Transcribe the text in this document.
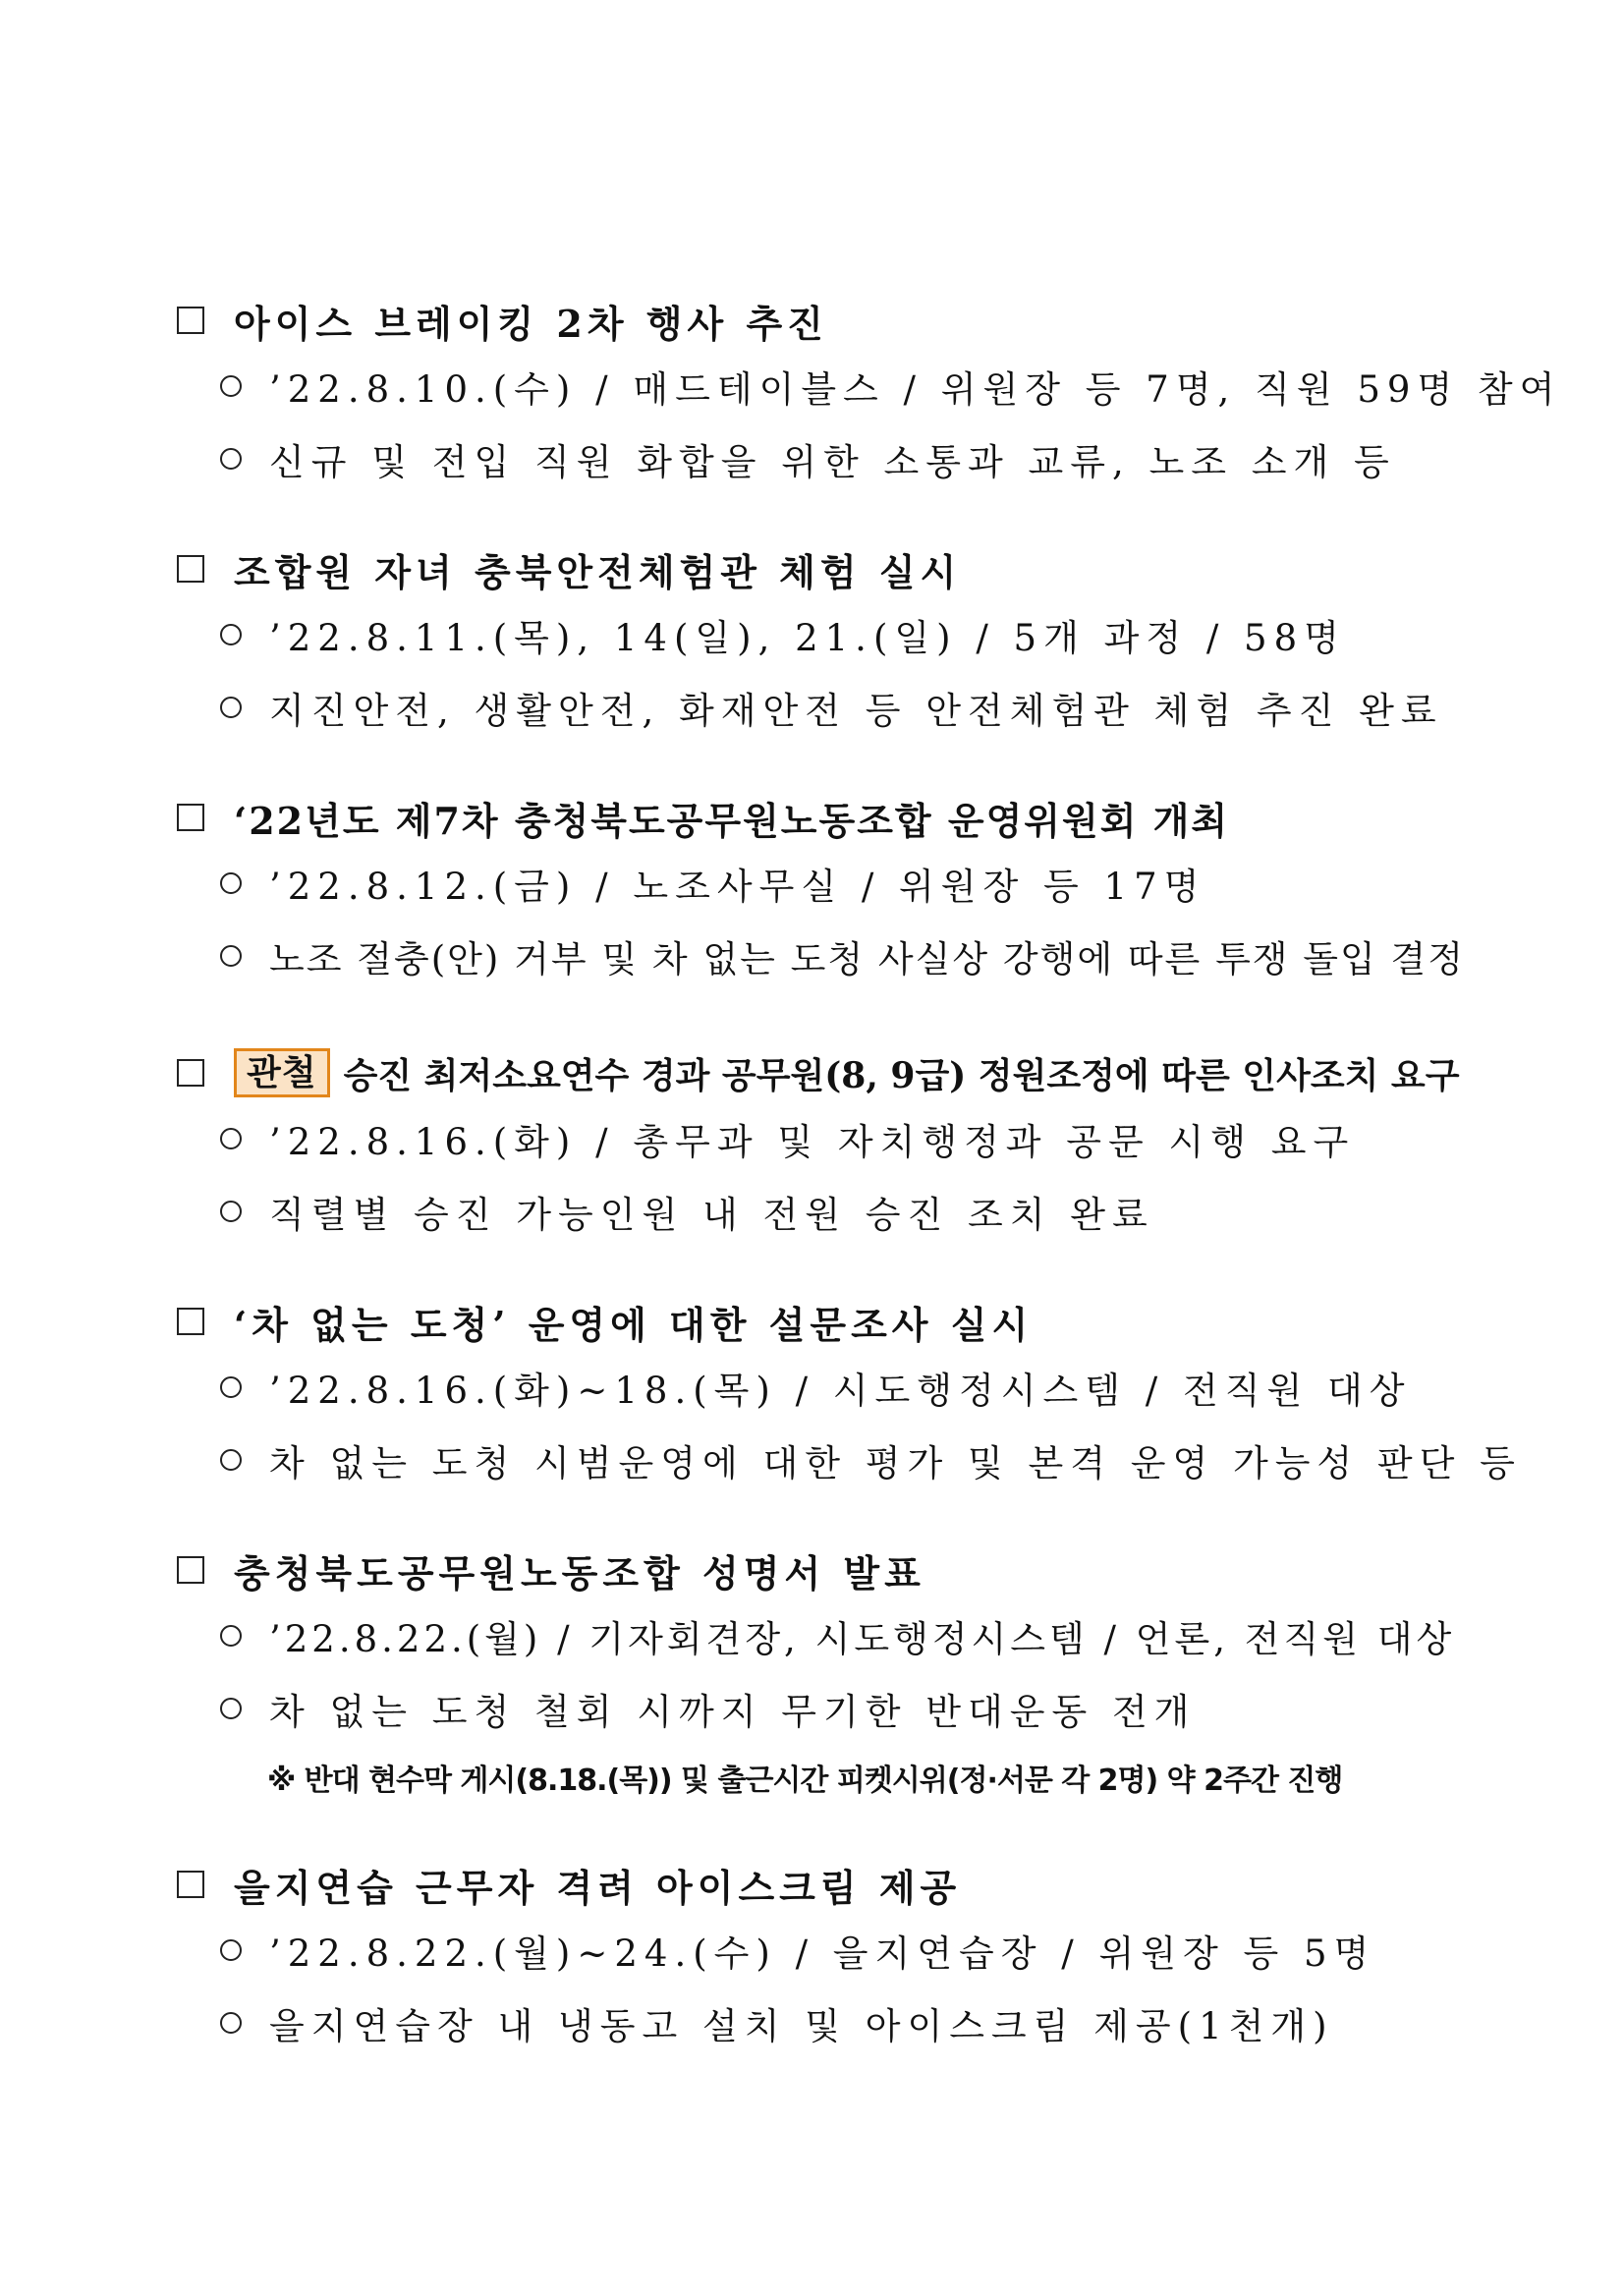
아이스 브레이킹 2차 행사 추진
’22.8.10.(수) / 매드테이블스 / 위원장 등 7명, 직원 59명 참여
신규 및 전입 직원 화합을 위한 소통과 교류, 노조 소개 등
조합원 자녀 충북안전체험관 체험 실시
’22.8.11.(목), 14(일), 21.(일) / 5개 과정 / 58명
지진안전, 생활안전, 화재안전 등 안전체험관 체험 추진 완료
‘22년도 제7차 충청북도공무원노동조합 운영위원회 개최
’22.8.12.(금) / 노조사무실 / 위원장 등 17명
노조 절충(안) 거부 및 차 없는 도청 사실상 강행에 따른 투쟁 돌입 결정
관철 승진 최저소요연수 경과 공무원(8, 9급) 정원조정에 따른 인사조치 요구
’22.8.16.(화) / 총무과 및 자치행정과 공문 시행 요구
직렬별 승진 가능인원 내 전원 승진 조치 완료
‘차 없는 도청’ 운영에 대한 설문조사 실시
’22.8.16.(화)~18.(목) / 시도행정시스템 / 전직원 대상
차 없는 도청 시범운영에 대한 평가 및 본격 운영 가능성 판단 등
충청북도공무원노동조합 성명서 발표
’22.8.22.(월) / 기자회견장, 시도행정시스템 / 언론, 전직원 대상
차 없는 도청 철회 시까지 무기한 반대운동 전개
※ 반대 현수막 게시(8.18.(목)) 및 출근시간 피켓시위(정·서문 각 2명) 약 2주간 진행
을지연습 근무자 격려 아이스크림 제공
’22.8.22.(월)~24.(수) / 을지연습장 / 위원장 등 5명
을지연습장 내 냉동고 설치 및 아이스크림 제공(1천개)
